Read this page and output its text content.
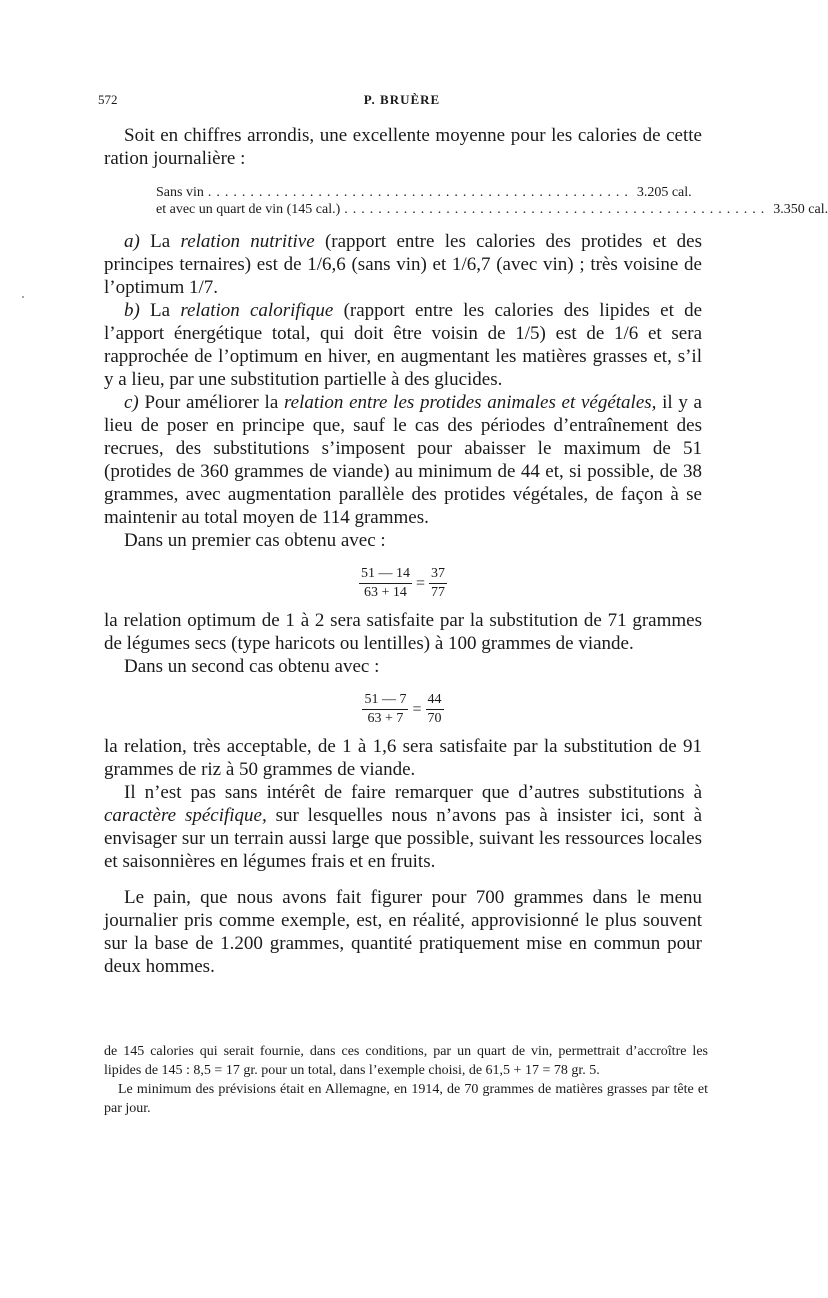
572	P. BRUÈRE

Soit en chiffres arrondis, une excellente moyenne pour les calories de cette ration journalière :

Sans vin .................................................. 3.205 cal.
et avec un quart de vin (145 cal.) .................................................. 3.350 cal.

a) La relation nutritive (rapport entre les calories des protides et des principes ternaires) est de 1/6,6 (sans vin) et 1/6,7 (avec vin) ; très voisine de l’optimum 1/7.

b) La relation calorifique (rapport entre les calories des lipides et de l’apport énergétique total, qui doit être voisin de 1/5) est de 1/6 et sera rapprochée de l’optimum en hiver, en augmentant les matières grasses et, s’il y a lieu, par une substitution partielle à des glucides.

c) Pour améliorer la relation entre les protides animales et végétales, il y a lieu de poser en principe que, sauf le cas des périodes d’entraînement des recrues, des substitutions s’imposent pour abaisser le maximum de 51 (protides de 360 grammes de viande) au minimum de 44 et, si possible, de 38 grammes, avec augmentation parallèle des protides végétales, de façon à se maintenir au total moyen de 114 grammes.

Dans un premier cas obtenu avec :

$\frac{51 — 14}{63 + 14} = \frac{37}{77}$

la relation optimum de 1 à 2 sera satisfaite par la substitution de 71 grammes de légumes secs (type haricots ou lentilles) à 100 grammes de viande.

Dans un second cas obtenu avec :

$\frac{51 — 7}{63 + 7} = \frac{44}{70}$

la relation, très acceptable, de 1 à 1,6 sera satisfaite par la substitution de 91 grammes de riz à 50 grammes de viande.

Il n’est pas sans intérêt de faire remarquer que d’autres substitutions à caractère spécifique, sur lesquelles nous n’avons pas à insister ici, sont à envisager sur un terrain aussi large que possible, suivant les ressources locales et saisonnières en légumes frais et en fruits.

Le pain, que nous avons fait figurer pour 700 grammes dans le menu journalier pris comme exemple, est, en réalité, approvisionné le plus souvent sur la base de 1.200 grammes, quantité pratiquement mise en commun pour deux hommes.

de 145 calories qui serait fournie, dans ces conditions, par un quart de vin, permettrait d’accroître les lipides de 145 : 8,5 = 17 gr. pour un total, dans l’exemple choisi, de 61,5 + 17 = 78 gr. 5.

Le minimum des prévisions était en Allemagne, en 1914, de 70 grammes de matières grasses par tête et par jour.
